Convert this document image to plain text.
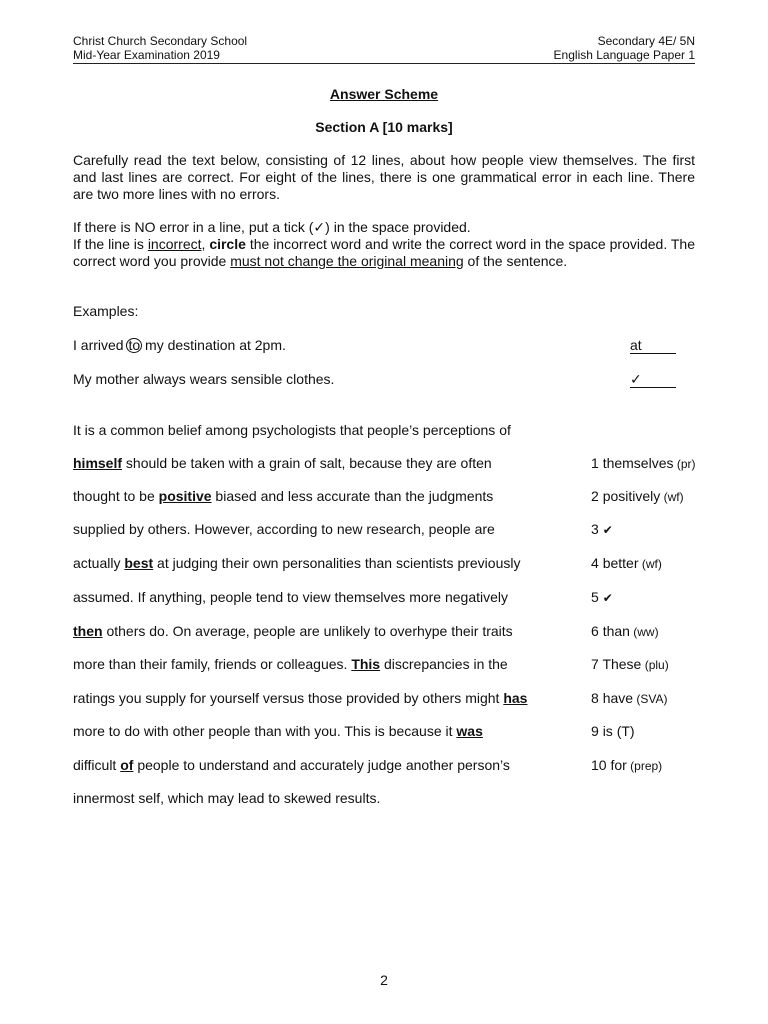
Christ Church Secondary School	Secondary 4E/ 5N
Mid-Year Examination 2019	English Language Paper 1
Answer Scheme
Section A [10 marks]
Carefully read the text below, consisting of 12 lines, about how people view themselves. The first and last lines are correct. For eight of the lines, there is one grammatical error in each line. There are two more lines with no errors.
If there is NO error in a line, put a tick (✓) in the space provided.
If the line is incorrect, circle the incorrect word and write the correct word in the space provided. The correct word you provide must not change the original meaning of the sentence.
Examples:
I arrived to my destination at 2pm.	at
My mother always wears sensible clothes.	✓
It is a common belief among psychologists that people’s perceptions of
himself should be taken with a grain of salt, because they are often	1 themselves (pr)
thought to be positive biased and less accurate than the judgments	2 positively (wf)
supplied by others. However, according to new research, people are	3 ✔
actually best at judging their own personalities than scientists previously	4 better (wf)
assumed. If anything, people tend to view themselves more negatively	5 ✔
then others do. On average, people are unlikely to overhype their traits	6 than (ww)
more than their family, friends or colleagues. This discrepancies in the	7 These (plu)
ratings you supply for yourself versus those provided by others might has	8 have (SVA)
more to do with other people than with you. This is because it was	9 is (T)
difficult of people to understand and accurately judge another person’s	10 for (prep)
innermost self, which may lead to skewed results.
2
